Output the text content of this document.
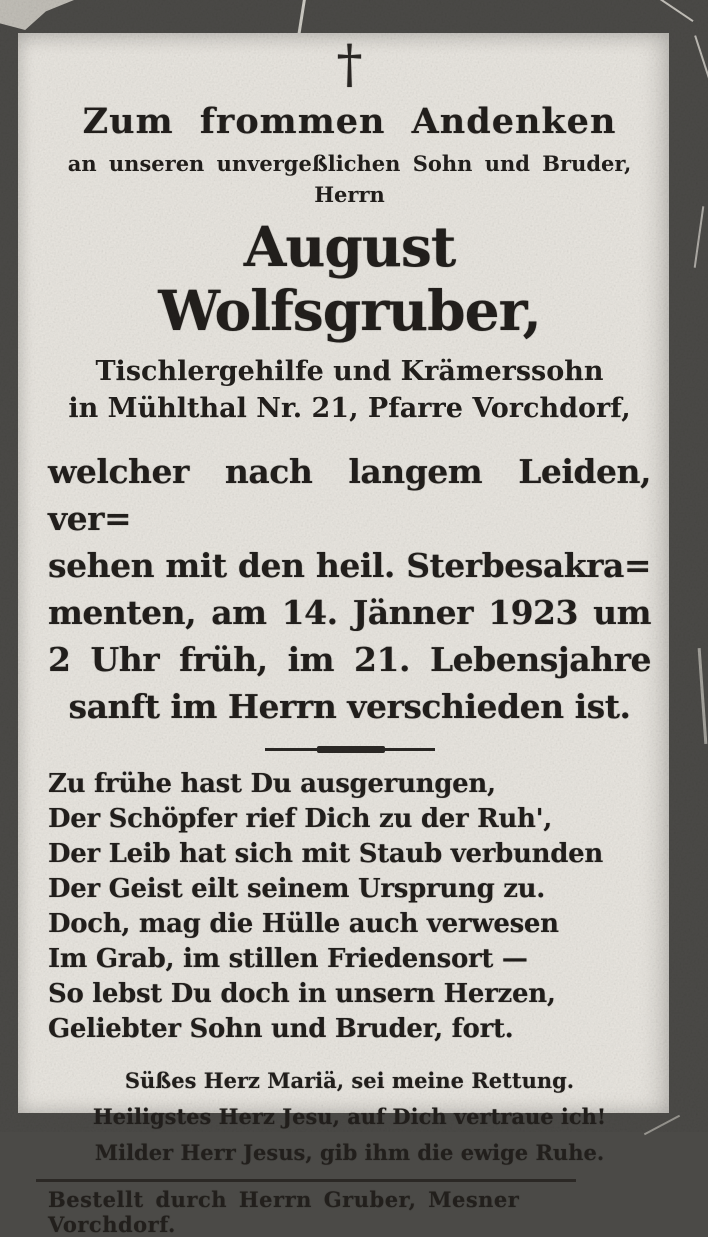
†
Zum frommen Andenken
an unseren unvergeßlichen Sohn und Bruder,
Herrn
August Wolfsgruber,
Tischlergehilfe und Krämerssohn
in Mühlthal Nr. 21, Pfarre Vorchdorf,
welcher nach langem Leiden, ver=
sehen mit den heil. Sterbesakra=
menten, am 14. Jänner 1923 um
2 Uhr früh, im 21. Lebensjahre
sanft im Herrn verschieden ist.
Zu frühe hast Du ausgerungen,
Der Schöpfer rief Dich zu der Ruh',
Der Leib hat sich mit Staub verbunden
Der Geist eilt seinem Ursprung zu.
Doch, mag die Hülle auch verwesen
Im Grab, im stillen Friedensort —
So lebst Du doch in unsern Herzen,
Geliebter Sohn und Bruder, fort.
Süßes Herz Mariä, sei meine Rettung.
Heiligstes Herz Jesu, auf Dich vertraue ich!
Milder Herr Jesus, gib ihm die ewige Ruhe.
Bestellt durch Herrn Gruber, Mesner Vorchdorf.
